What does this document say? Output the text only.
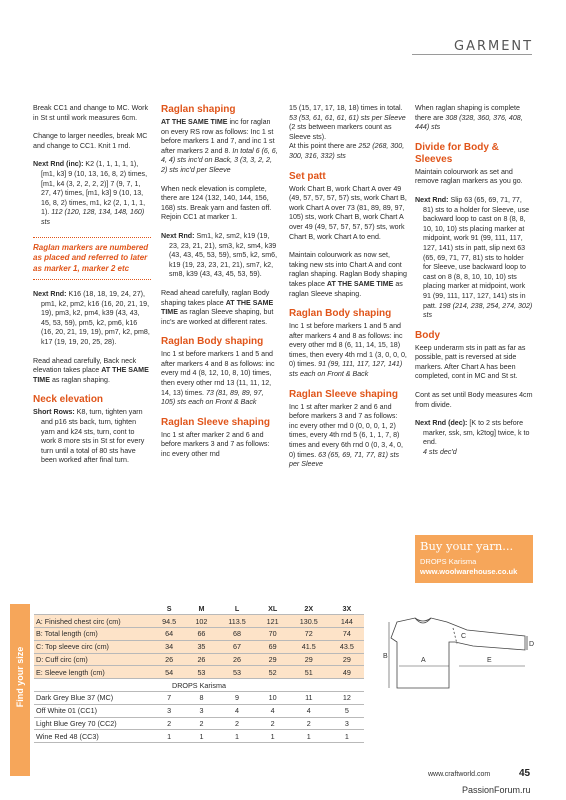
GARMENT

Break CC1 and change to MC. Work in St st until work measures 6cm.

Change to larger needles, break MC and change to CC1. Knit 1 rnd.

Next Rnd (inc): K2 (1, 1, 1, 1, 1), [m1, k3] 9 (10, 13, 16, 8, 2) times, [m1, k4 (3, 2, 2, 2, 2)] 7 (9, 7, 1, 27, 47) times, [m1, k3] 9 (10, 13, 16, 8, 2) times, m1, k2 (2, 1, 1, 1, 1). 112 (120, 128, 134, 148, 160) sts

Raglan markers are numbered as placed and referred to later as marker 1, marker 2 etc

Next Rnd: K16 (18, 18, 19, 24, 27), pm1, k2, pm2, k16 (16, 20, 21, 19, 19), pm3, k2, pm4, k39 (43, 43, 45, 53, 59), pm5, k2, pm6, k16 (16, 20, 21, 19, 19), pm7, k2, pm8, k17 (19, 19, 20, 25, 28).

Read ahead carefully, Back neck elevation takes place AT THE SAME TIME as raglan shaping.

Neck elevation

Short Rows: K8, turn, tighten yarn and p16 sts back, turn, tighten yarn and k24 sts, turn, cont to work 8 more sts in St st for every turn until a total of 80 sts have been worked after final turn.

Raglan shaping

AT THE SAME TIME inc for raglan on every RS row as follows: Inc 1 st before markers 1 and 7, and inc 1 st after markers 2 and 8. In total 6 (6, 6, 4, 4) sts inc'd on Back, 3 (3, 3, 2, 2, 2) sts inc'd per Sleeve

When neck elevation is complete, there are 124 (132, 140, 144, 156, 168) sts. Break yarn and fasten off. Rejoin CC1 at marker 1.

Next Rnd: Sm1, k2, sm2, k19 (19, 23, 23, 21, 21), sm3, k2, sm4, k39 (43, 43, 45, 53, 59), sm5, k2, sm6, k19 (19, 23, 23, 21, 21), sm7, k2, sm8, k39 (43, 43, 45, 53, 59).

Read ahead carefully, raglan Body shaping takes place AT THE SAME TIME as raglan Sleeve shaping, but inc's are worked at different rates.

Raglan Body shaping

Inc 1 st before markers 1 and 5 and after markers 4 and 8 as follows: inc every rnd 4 (8, 12, 10, 8, 10) times, then every other rnd 13 (11, 11, 12, 14, 13) times. 73 (81, 89, 89, 97, 105) sts each on Front & Back

Raglan Sleeve shaping

Inc 1 st after marker 2 and 6 and before markers 3 and 7 as follows: inc every other rnd

15 (15, 17, 17, 18, 18) times in total. 53 (53, 61, 61, 61, 61) sts per Sleeve (2 sts between markers count as Sleeve sts).
At this point there are 252 (268, 300, 300, 316, 332) sts

Set patt

Work Chart B, work Chart A over 49 (49, 57, 57, 57, 57) sts, work Chart B, work Chart A over 73 (81, 89, 89, 97, 105) sts, work Chart B, work Chart A over 49 (49, 57, 57, 57, 57) sts, work Chart B, work Chart A to end.

Maintain colourwork as now set, taking new sts into Chart A and cont raglan shaping. Raglan Body shaping takes place AT THE SAME TIME as raglan Sleeve shaping.

Raglan Body shaping

Inc 1 st before markers 1 and 5 and after markers 4 and 8 as follows: inc every other rnd 8 (6, 11, 14, 15, 18) times, then every 4th rnd 1 (3, 0, 0, 0, 0) times. 91 (99, 111, 117, 127, 141) sts each on Front & Back

Raglan Sleeve shaping

Inc 1 st after marker 2 and 6 and before markers 3 and 7 as follows: inc every other rnd 0 (0, 0, 0, 1, 2) times, every 4th rnd 5 (6, 1, 1, 7, 8) times and every 6th rnd 0 (0, 3, 4, 0, 0) times. 63 (65, 69, 71, 77, 81) sts per Sleeve

When raglan shaping is complete there are 308 (328, 360, 376, 408, 444) sts

Divide for Body & Sleeves

Maintain colourwork as set and remove raglan markers as you go.

Next Rnd: Slip 63 (65, 69, 71, 77, 81) sts to a holder for Sleeve, use backward loop to cast on 8 (8, 8, 10, 10, 10) sts placing marker at midpoint, work 91 (99, 111, 117, 127, 141) sts in patt, slip next 63 (65, 69, 71, 77, 81) sts to holder for Sleeve, use backward loop to cast on 8 (8, 8, 10, 10, 10) sts placing marker at midpoint, work 91 (99, 111, 117, 127, 141) sts in patt. 198 (214, 238, 254, 274, 302) sts

Body

Keep underarm sts in patt as far as possible, patt is reversed at side markers. After Chart A has been completed, cont in MC and St st.

Cont as set until Body measures 4cm from divide.

Next Rnd (dec): [K to 2 sts before marker, ssk, sm, k2tog] twice, k to end.
4 sts dec'd

Buy your yarn...
DROPS Karisma
www.woolwarehouse.co.uk
Find your size
	S	M	L	XL	2X	3X
A: Finished chest circ (cm)	94.5	102	113.5	121	130.5	144
B: Total length (cm)	64	66	68	70	72	74
C: Top sleeve circ (cm)	34	35	67	69	41.5	43.5
D: Cuff circ (cm)	26	26	26	29	29	29
E: Sleeve length (cm)	54	53	53	52	51	49
DROPS Karisma						
Dark Grey Blue 37 (MC)	7	8	9	10	11	12
Off White 01 (CC1)	3	3	4	4	4	5
Light Blue Grey 70 (CC2)	2	2	2	2	2	3
Wine Red 48 (CC3)	1	1	1	1	1	1
B
A
C
D
E
www.craftworld.com	45
PassionForum.ru
